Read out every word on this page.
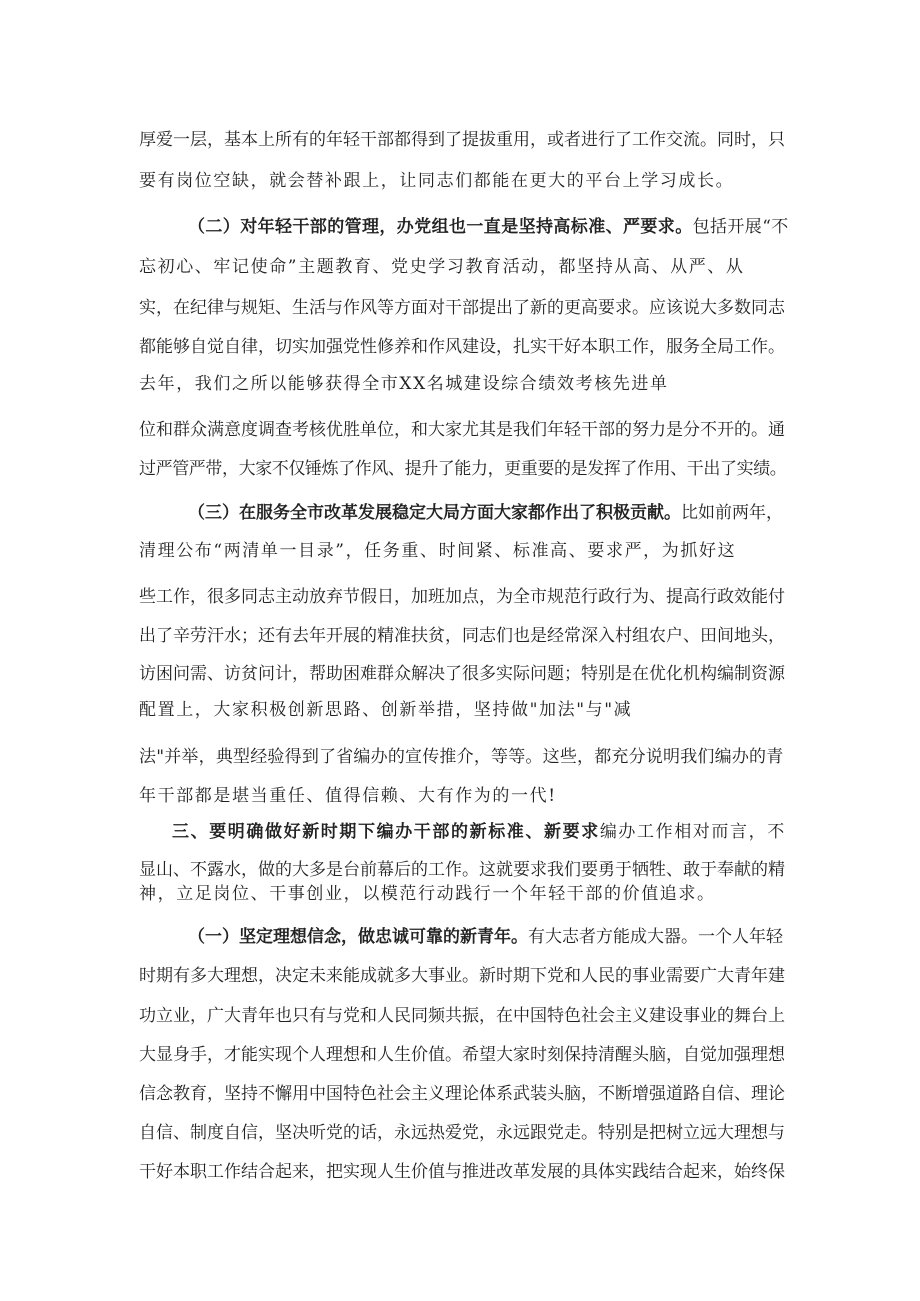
厚爱一层，基本上所有的年轻干部都得到了提拔重用，或者进行了工作交流。同时，只
要有岗位空缺，就会替补跟上，让同志们都能在更大的平台上学习成长。
（二）对年轻干部的管理，办党组也一直是坚持高标准、严要求。包括开展“不
忘初心、牢记使命”主题教育、党史学习教育活动，都坚持从高、从严、从
实，在纪律与规矩、生活与作风等方面对干部提出了新的更高要求。应该说大多数同志
都能够自觉自律，切实加强党性修养和作风建设，扎实干好本职工作，服务全局工作。
去年，我们之所以能够获得全市XX名城建设综合绩效考核先进单
位和群众满意度调查考核优胜单位，和大家尤其是我们年轻干部的努力是分不开的。通
过严管严带，大家不仅锤炼了作风、提升了能力，更重要的是发挥了作用、干出了实绩。
（三）在服务全市改革发展稳定大局方面大家都作出了积极贡献。比如前两年，
清理公布“两清单一目录”，任务重、时间紧、标准高、要求严，为抓好这
些工作，很多同志主动放弃节假日，加班加点，为全市规范行政行为、提高行政效能付
出了辛劳汗水；还有去年开展的精准扶贫，同志们也是经常深入村组农户、田间地头，
访困问需、访贫问计，帮助困难群众解决了很多实际问题；特别是在优化机构编制资源
配置上，大家积极创新思路、创新举措，坚持做"加法"与"减
法"并举，典型经验得到了省编办的宣传推介，等等。这些，都充分说明我们编办的青
年干部都是堪当重任、值得信赖、大有作为的一代!
三、要明确做好新时期下编办干部的新标准、新要求编办工作相对而言，不
显山、不露水，做的大多是台前幕后的工作。这就要求我们要勇于牺牲、敢于奉献的精
神，立足岗位、干事创业，以模范行动践行一个年轻干部的价值追求。
（一）坚定理想信念，做忠诚可靠的新青年。有大志者方能成大器。一个人年轻
时期有多大理想，决定未来能成就多大事业。新时期下党和人民的事业需要广大青年建
功立业，广大青年也只有与党和人民同频共振，在中国特色社会主义建设事业的舞台上
大显身手，才能实现个人理想和人生价值。希望大家时刻保持清醒头脑，自觉加强理想
信念教育，坚持不懈用中国特色社会主义理论体系武装头脑，不断增强道路自信、理论
自信、制度自信，坚决听党的话，永远热爱党，永远跟党走。特别是把树立远大理想与
干好本职工作结合起来，把实现人生价值与推进改革发展的具体实践结合起来，始终保
